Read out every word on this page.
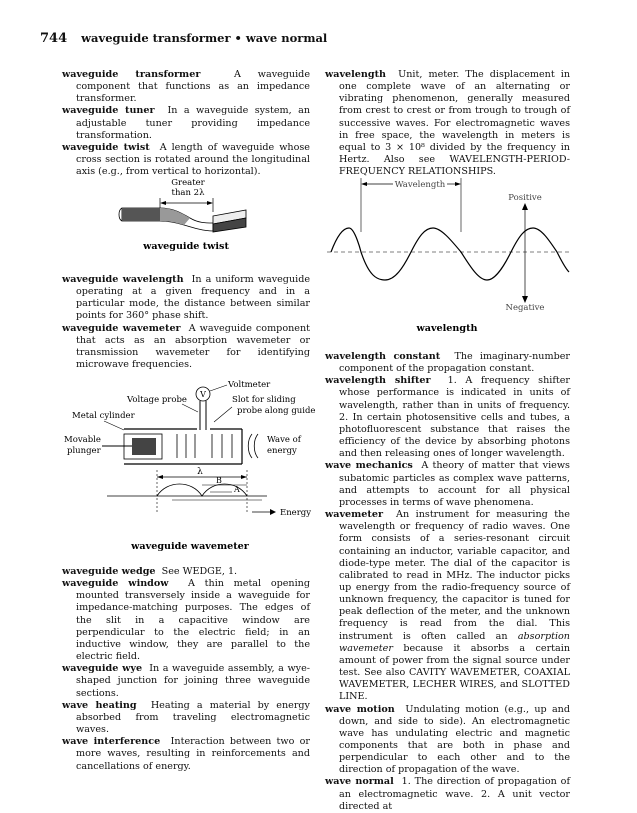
744 waveguide transformer • wave normal

waveguide transformer	A waveguide component that functions as an impedance transformer.

waveguide tuner In a waveguide system, an adjustable tuner providing impedance transformation.

waveguide twist A length of waveguide whose cross section is rotated around the longitudinal axis (e.g., from vertical to horizontal).

Greater
than 2λ
waveguide twist

waveguide wavelength In a uniform waveguide operating at a given frequency and in a particular mode, the distance between similar points for 360° phase shift.

waveguide wavemeter A waveguide component that acts as an absorption wavemeter or transmission wavemeter for identifying microwave frequencies.

Voltmeter
V
Voltage probe	Slot for sliding
probe along guide
Metal cylinder
Movable
plunger
Wave of
energy
λ
B
A
Energy
waveguide wavemeter

waveguide wedge See WEDGE, 1.

waveguide window A thin metal opening mounted transversely inside a waveguide for impedance-matching purposes. The edges of the slit in a capacitive window are perpendicular to the electric field; in an inductive window, they are parallel to the electric field.

waveguide wye In a waveguide assembly, a wye-shaped junction for joining three waveguide sections.

wave heating Heating a material by energy absorbed from traveling electromagnetic waves.

wave interference Interaction between two or more waves, resulting in reinforcements and cancellations of energy.

wavelength Unit, meter. The displacement in one complete wave of an alternating or vibrating phenomenon, generally measured from crest to crest or from trough to trough of successive waves. For electromagnetic waves in free space, the wavelength in meters is equal to 3 × 10⁸ divided by the frequency in Hertz. Also see WAVELENGTH-PERIOD-FREQUENCY RELATIONSHIPS.

Wavelength
Positive
Negative
wavelength

wavelength constant The imaginary-number component of the propagation constant.

wavelength shifter 1. A frequency shifter whose performance is indicated in units of wavelength, rather than in units of frequency. 2. In certain photosensitive cells and tubes, a photofluorescent substance that raises the efficiency of the device by absorbing photons and then releasing ones of longer wavelength.

wave mechanics A theory of matter that views subatomic particles as complex wave patterns, and attempts to account for all physical processes in terms of wave phenomena.

wavemeter An instrument for measuring the wavelength or frequency of radio waves. One form consists of a series-resonant circuit containing an inductor, variable capacitor, and diode-type meter. The dial of the capacitor is calibrated to read in MHz. The inductor picks up energy from the radio-frequency source of unknown frequency, the capacitor is tuned for peak deflection of the meter, and the unknown frequency is read from the dial. This instrument is often called an absorption wavemeter because it absorbs a certain amount of power from the signal source under test. See also CAVITY WAVEMETER, COAXIAL WAVEMETER, LECHER WIRES, and SLOTTED LINE.

wave motion Undulating motion (e.g., up and down, and side to side). An electromagnetic wave has undulating electric and magnetic components that are both in phase and perpendicular to each other and to the direction of propagation of the wave.

wave normal 1. The direction of propagation of an electromagnetic wave. 2. A unit vector directed at
